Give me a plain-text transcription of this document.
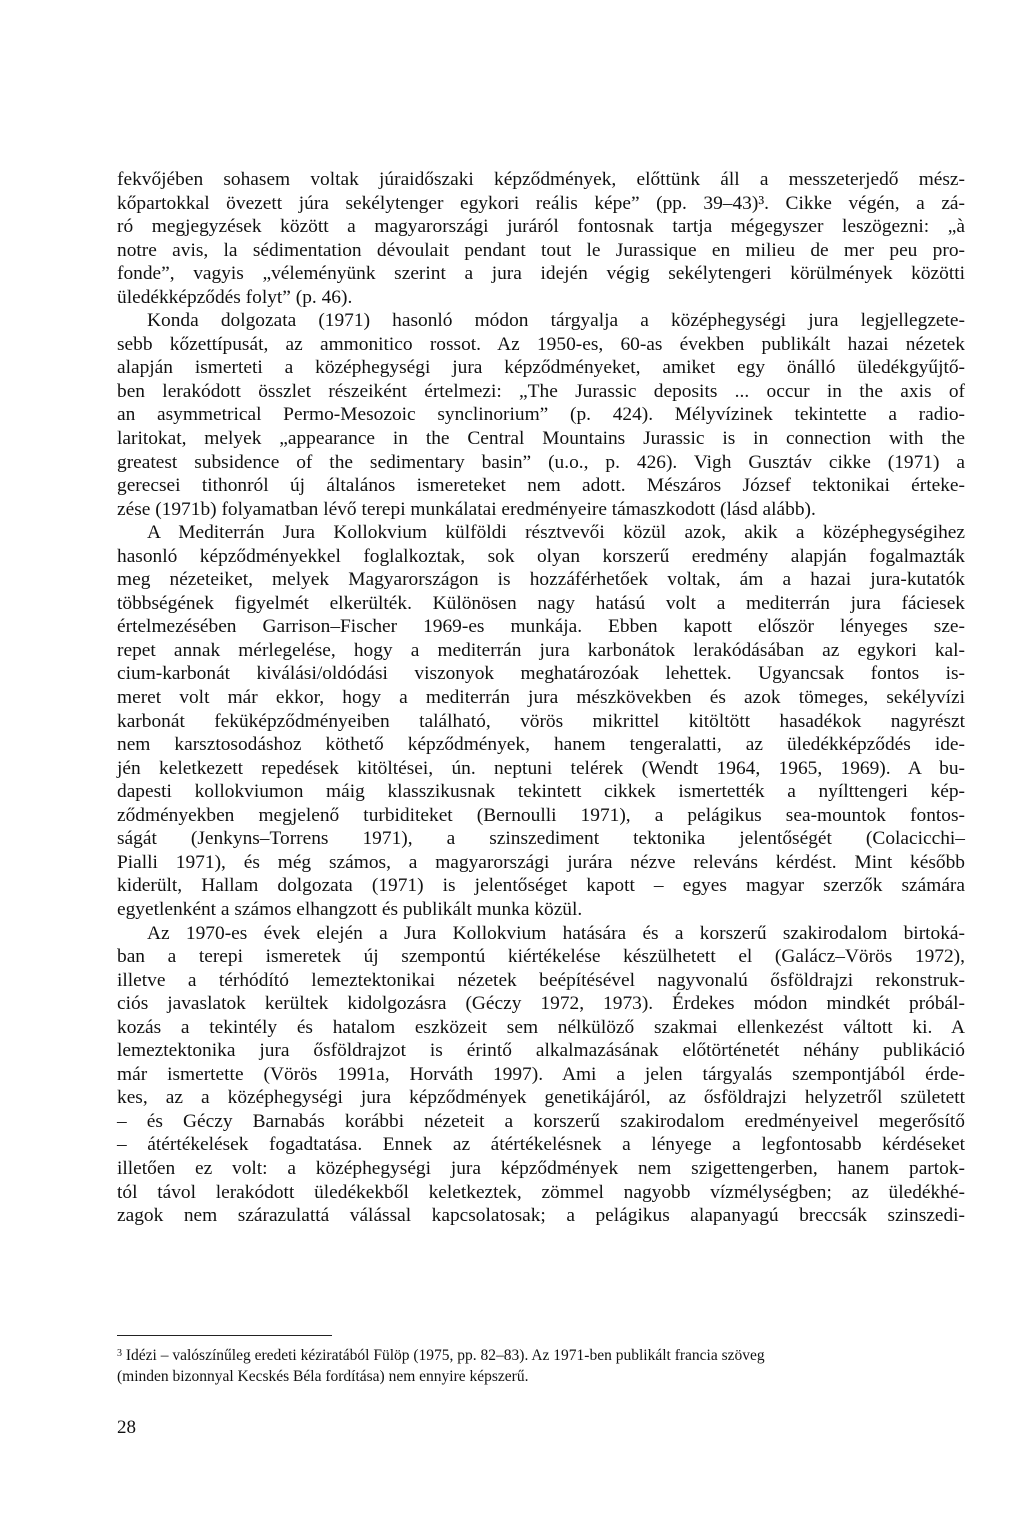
fekvőjében sohasem voltak júraidőszaki képződmények, előttünk áll a messzeterjedő mész-
kőpartokkal övezett júra sekélytenger egykori reális képe” (pp. 39–43)³. Cikke végén, a zá-
ró megjegyzések között a magyarországi juráról fontosnak tartja mégegyszer leszögezni: „à
notre avis, la sédimentation dévoulait pendant tout le Jurassique en milieu de mer peu pro-
fonde”, vagyis „véleményünk szerint a jura idején végig sekélytengeri körülmények közötti
üledékképződés folyt” (p. 46).
Konda dolgozata (1971) hasonló módon tárgyalja a középhegységi jura legjellegzete-
sebb kőzettípusát, az ammonitico rossot. Az 1950-es, 60-as években publikált hazai nézetek
alapján ismerteti a középhegységi jura képződményeket, amiket egy önálló üledékgyűjtő-
ben lerakódott összlet részeiként értelmezi: „The Jurassic deposits ... occur in the axis of
an asymmetrical Permo-Mesozoic synclinorium” (p. 424). Mélyvízinek tekintette a radio-
laritokat, melyek „appearance in the Central Mountains Jurassic is in connection with the
greatest subsidence of the sedimentary basin” (u.o., p. 426). Vigh Gusztáv cikke (1971) a
gerecsei tithonról új általános ismereteket nem adott. Mészáros József tektonikai érteke-
zése (1971b) folyamatban lévő terepi munkálatai eredményeire támaszkodott (lásd alább).
A Mediterrán Jura Kollokvium külföldi résztvevői közül azok, akik a középhegységihez
hasonló képződményekkel foglalkoztak, sok olyan korszerű eredmény alapján fogalmazták
meg nézeteiket, melyek Magyarországon is hozzáférhetőek voltak, ám a hazai jura-kutatók
többségének figyelmét elkerülték. Különösen nagy hatású volt a mediterrán jura fáciesek
értelmezésében Garrison–Fischer 1969-es munkája. Ebben kapott először lényeges sze-
repet annak mérlegelése, hogy a mediterrán jura karbonátok lerakódásában az egykori kal-
cium-karbonát kiválási/oldódási viszonyok meghatározóak lehettek. Ugyancsak fontos is-
meret volt már ekkor, hogy a mediterrán jura mészkövekben és azok tömeges, sekélyvízi
karbonát feküképződményeiben található, vörös mikrittel kitöltött hasadékok nagyrészt
nem karsztosodáshoz köthető képződmények, hanem tengeralatti, az üledékképződés ide-
jén keletkezett repedések kitöltései, ún. neptuni telérek (Wendt 1964, 1965, 1969). A bu-
dapesti kollokviumon máig klasszikusnak tekintett cikkek ismertették a nyílttengeri kép-
ződményekben megjelenő turbiditeket (Bernoulli 1971), a pelágikus sea-mountok fontos-
ságát (Jenkyns–Torrens 1971), a szinszediment tektonika jelentőségét (Colacicchi–
Pialli 1971), és még számos, a magyarországi jurára nézve releváns kérdést. Mint később
kiderült, Hallam dolgozata (1971) is jelentőséget kapott – egyes magyar szerzők számára
egyetlenként a számos elhangzott és publikált munka közül.
Az 1970-es évek elején a Jura Kollokvium hatására és a korszerű szakirodalom birtoká-
ban a terepi ismeretek új szempontú kiértékelése készülhetett el (Galácz–Vörös 1972),
illetve a térhódító lemeztektonikai nézetek beépítésével nagyvonalú ősföldrajzi rekonstruk-
ciós javaslatok kerültek kidolgozásra (Géczy 1972, 1973). Érdekes módon mindkét próbál-
kozás a tekintély és hatalom eszközeit sem nélkülöző szakmai ellenkezést váltott ki. A
lemeztektonika jura ősföldrajzot is érintő alkalmazásának előtörténetét néhány publikáció
már ismertette (Vörös 1991a, Horváth 1997). Ami a jelen tárgyalás szempontjából érde-
kes, az a középhegységi jura képződmények genetikájáról, az ősföldrajzi helyzetről született
– és Géczy Barnabás korábbi nézeteit a korszerű szakirodalom eredményeivel megerősítő
– átértékelések fogadtatása. Ennek az átértékelésnek a lényege a legfontosabb kérdéseket
illetően ez volt: a középhegységi jura képződmények nem szigettengerben, hanem partok-
tól távol lerakódott üledékekből keletkeztek, zömmel nagyobb vízmélységben; az üledékhé-
zagok nem szárazulattá válással kapcsolatosak; a pelágikus alapanyagú breccsák szinszedi-
$^3$ Idézi – valószínűleg eredeti kéziratából Fülöp (1975, pp. 82–83). Az 1971-ben publikált francia szöveg
(minden bizonnyal Kecskés Béla fordítása) nem ennyire képszerű.
28
